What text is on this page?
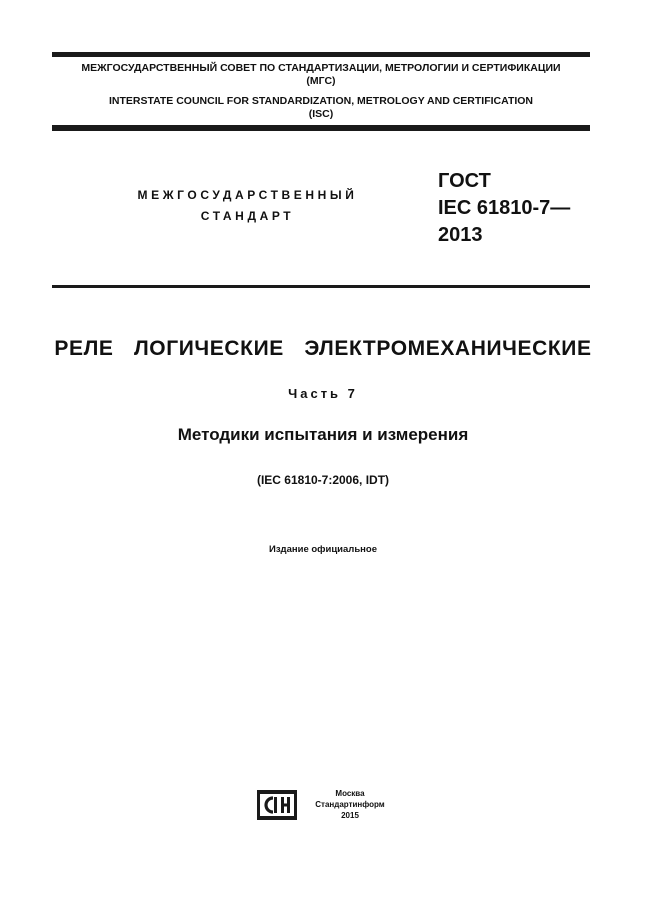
МЕЖГОСУДАРСТВЕННЫЙ СОВЕТ ПО СТАНДАРТИЗАЦИИ, МЕТРОЛОГИИ И СЕРТИФИКАЦИИ
(МГС)
INTERSTATE COUNCIL FOR STANDARDIZATION, METROLOGY AND CERTIFICATION
(ISC)
МЕЖГОСУДАРСТВЕННЫЙ
СТАНДАРТ
ГОСТ
IEC 61810-7—
2013
РЕЛЕ ЛОГИЧЕСКИЕ ЭЛЕКТРОМЕХАНИЧЕСКИЕ
Часть 7
Методики испытания и измерения
(IEC 61810-7:2006, IDT)
Издание официальное
Москва
Стандартинформ
2015
